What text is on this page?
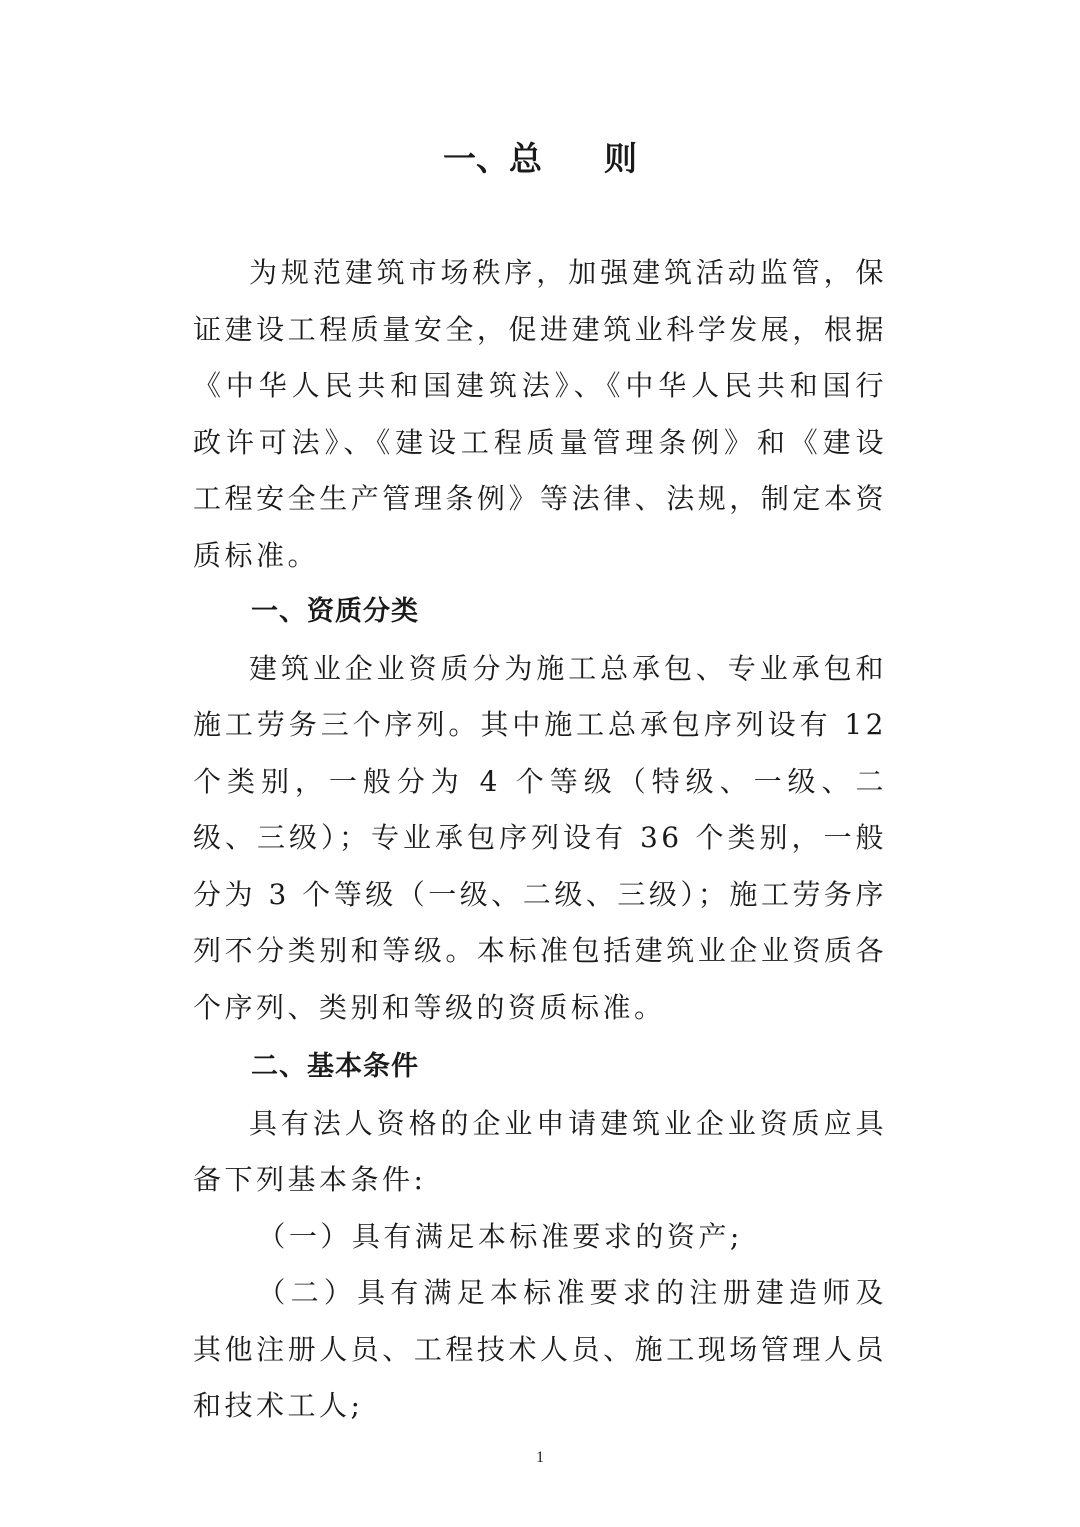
一、总 则

为规范建筑市场秩序，加强建筑活动监管，保证建设工程质量安全，促进建筑业科学发展，根据《中华人民共和国建筑法》、《中华人民共和国行政许可法》、《建设工程质量管理条例》和《建设工程安全生产管理条例》等法律、法规，制定本资质标准。

一、资质分类

建筑业企业资质分为施工总承包、专业承包和施工劳务三个序列。其中施工总承包序列设有 12 个类别，一般分为 4 个等级（特级、一级、二级、三级）；专业承包序列设有 36 个类别，一般分为 3 个等级（一级、二级、三级）；施工劳务序列不分类别和等级。本标准包括建筑业企业资质各个序列、类别和等级的资质标准。

二、基本条件

具有法人资格的企业申请建筑业企业资质应具备下列基本条件:

（一）具有满足本标准要求的资产;

（二）具有满足本标准要求的注册建造师及其他注册人员、工程技术人员、施工现场管理人员和技术工人;

1
